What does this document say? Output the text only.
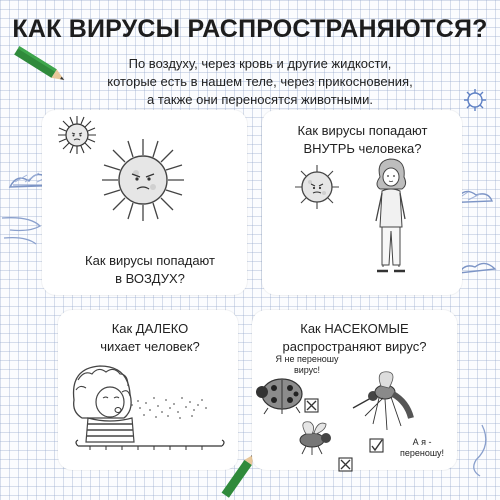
КАК ВИРУСЫ РАСПРОСТРАНЯЮТСЯ?
По воздуху, через кровь и другие жидкости,
которые есть в нашем теле, через прикосновения,
а также они переносятся животными.
Как вирусы попадают
в ВОЗДУХ?
Как вирусы попадают
ВНУТРЬ человека?
Как ДАЛЕКО
чихает человек?
Как НАСЕКОМЫЕ
распространяют вирус?
Я не переношу
вирус!
А я -
переношу!
